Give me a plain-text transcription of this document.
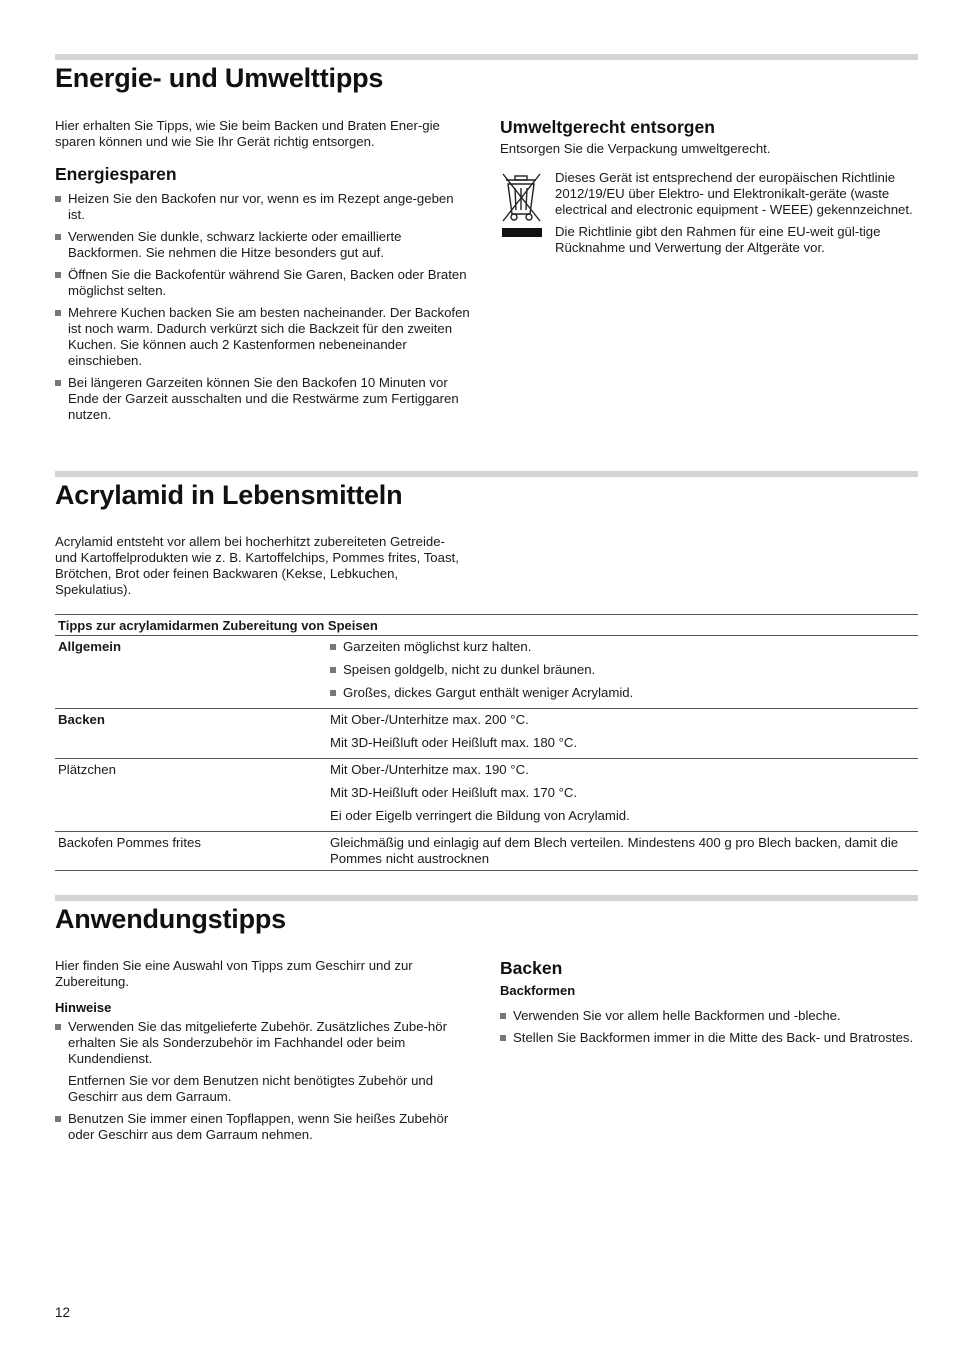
Energie- und Umwelttipps

Hier erhalten Sie Tipps, wie Sie beim Backen und Braten Ener-gie sparen können und wie Sie Ihr Gerät richtig entsorgen.

Energiesparen
Heizen Sie den Backofen nur vor, wenn es im Rezept ange-geben ist.
Verwenden Sie dunkle, schwarz lackierte oder emaillierte Backformen. Sie nehmen die Hitze besonders gut auf.
Öffnen Sie die Backofentür während Sie Garen, Backen oder Braten möglichst selten.
Mehrere Kuchen backen Sie am besten nacheinander. Der Backofen ist noch warm. Dadurch verkürzt sich die Backzeit für den zweiten Kuchen. Sie können auch 2 Kastenformen nebeneinander einschieben.
Bei längeren Garzeiten können Sie den Backofen 10 Minuten vor Ende der Garzeit ausschalten und die Restwärme zum Fertiggaren nutzen.
Umweltgerecht entsorgen

Entsorgen Sie die Verpackung umweltgerecht.

Dieses Gerät ist entsprechend der europäischen Richtlinie 2012/19/EU über Elektro- und Elektronikalt-geräte (waste electrical and electronic equipment - WEEE) gekennzeichnet.

Die Richtlinie gibt den Rahmen für eine EU-weit gül-tige Rücknahme und Verwertung der Altgeräte vor.

Acrylamid in Lebensmitteln

Acrylamid entsteht vor allem bei hocherhitzt zubereiteten Getreide- und Kartoffelprodukten wie z. B. Kartoffelchips, Pommes frites, Toast, Brötchen, Brot oder feinen Backwaren (Kekse, Lebkuchen, Spekulatius).

Tipps zur acrylamidarmen Zubereitung von Speisen	
Allgemein	Garzeiten möglichst kurz halten.
Speisen goldgelb, nicht zu dunkel bräunen.
Großes, dickes Gargut enthält weniger Acrylamid.

Backen	Mit Ober-/Unterhitze max. 200 °C.
Mit 3D-Heißluft oder Heißluft max. 180 °C.

Plätzchen	Mit Ober-/Unterhitze max. 190 °C.
Mit 3D-Heißluft oder Heißluft max. 170 °C.
Ei oder Eigelb verringert die Bildung von Acrylamid.

Backofen Pommes frites	Gleichmäßig und einlagig auf dem Blech verteilen. Mindestens 400 g pro Blech backen, damit die Pommes nicht austrocknen
Anwendungstipps

Hier finden Sie eine Auswahl von Tipps zum Geschirr und zur Zubereitung.

Hinweise
Verwenden Sie das mitgelieferte Zubehör. Zusätzliches Zube-hör erhalten Sie als Sonderzubehör im Fachhandel oder beim Kundendienst.
Entfernen Sie vor dem Benutzen nicht benötigtes Zubehör und Geschirr aus dem Garraum.
Benutzen Sie immer einen Topflappen, wenn Sie heißes Zubehör oder Geschirr aus dem Garraum nehmen.
Backen
Backformen
Verwenden Sie vor allem helle Backformen und -bleche.
Stellen Sie Backformen immer in die Mitte des Back- und Bratrostes.
12
